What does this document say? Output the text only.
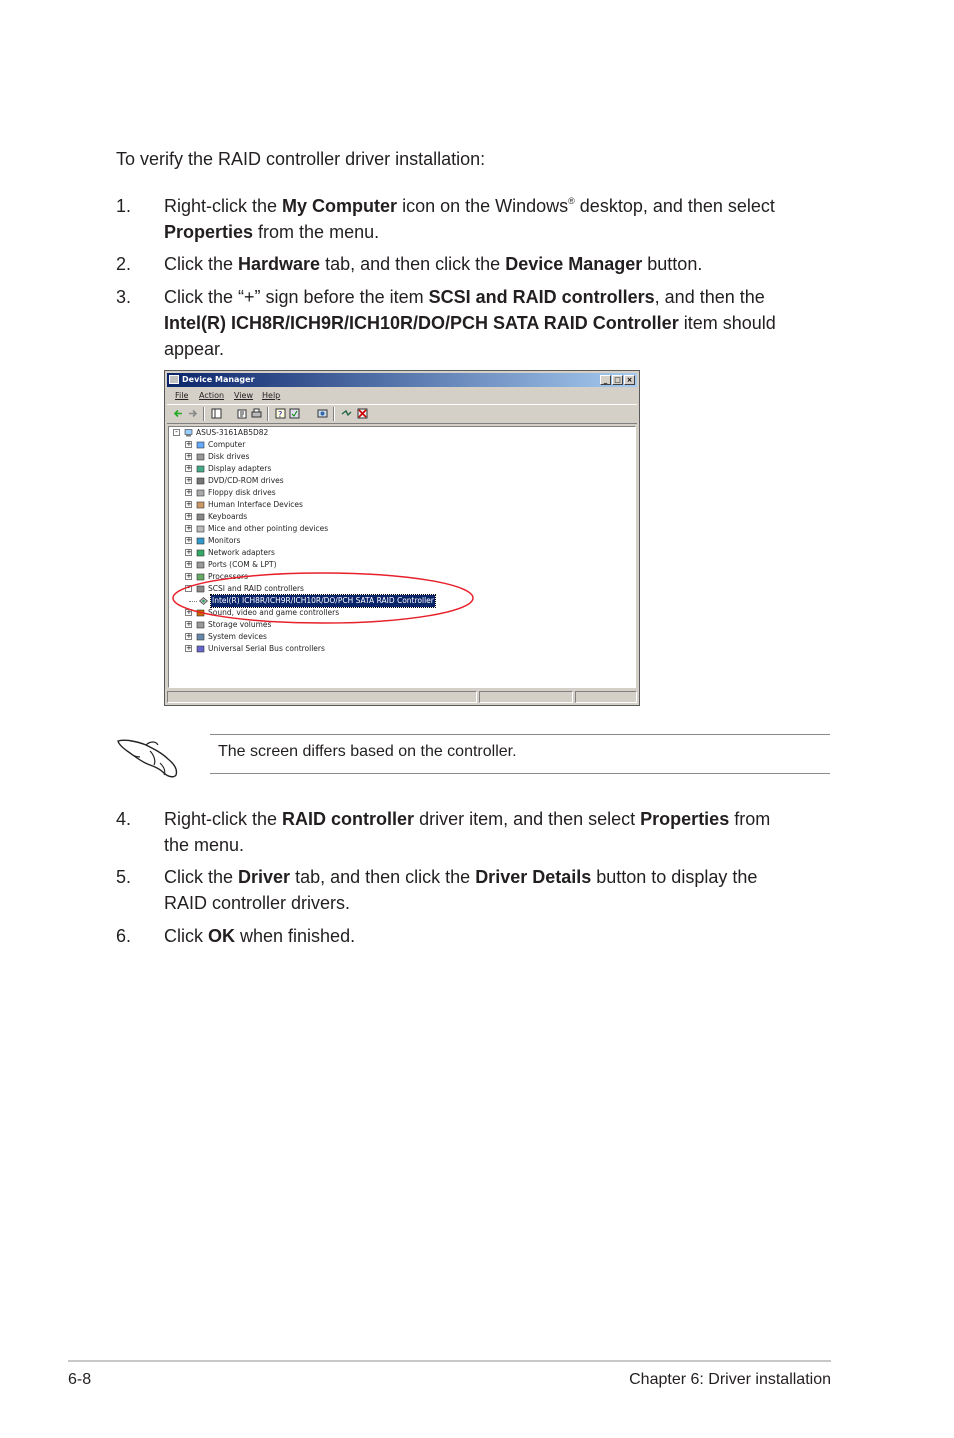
To verify the RAID controller driver installation:
1. Right-click the My Computer icon on the Windows® desktop, and then select
Properties from the menu.
2. Click the Hardware tab, and then click the Device Manager button.
3. Click the “+” sign before the item SCSI and RAID controllers, and then the
Intel(R) ICH8R/ICH9R/ICH10R/DO/PCH SATA RAID Controller item should
appear.
Device Manager	_ □ ×
File Action View Help
?
- ASUS-3161AB5D82
+ Computer
+ Disk drives
+ Display adapters
+ DVD/CD-ROM drives
+ Floppy disk drives
+ Human Interface Devices
+ Keyboards
+ Mice and other pointing devices
+ Monitors
+ Network adapters
+ Ports (COM & LPT)
+ Processors
- SCSI and RAID controllers
+ Sound, video and game controllers
+ Storage volumes
+ System devices
+ Universal Serial Bus controllers
Intel(R) ICH8R/ICH9R/ICH10R/DO/PCH SATA RAID Controller
The screen differs based on the controller.
4. Right-click the RAID controller driver item, and then select Properties from
the menu.
5. Click the Driver tab, and then click the Driver Details button to display the
RAID controller drivers.
6. Click OK when finished.
6-8	Chapter 6: Driver installation
